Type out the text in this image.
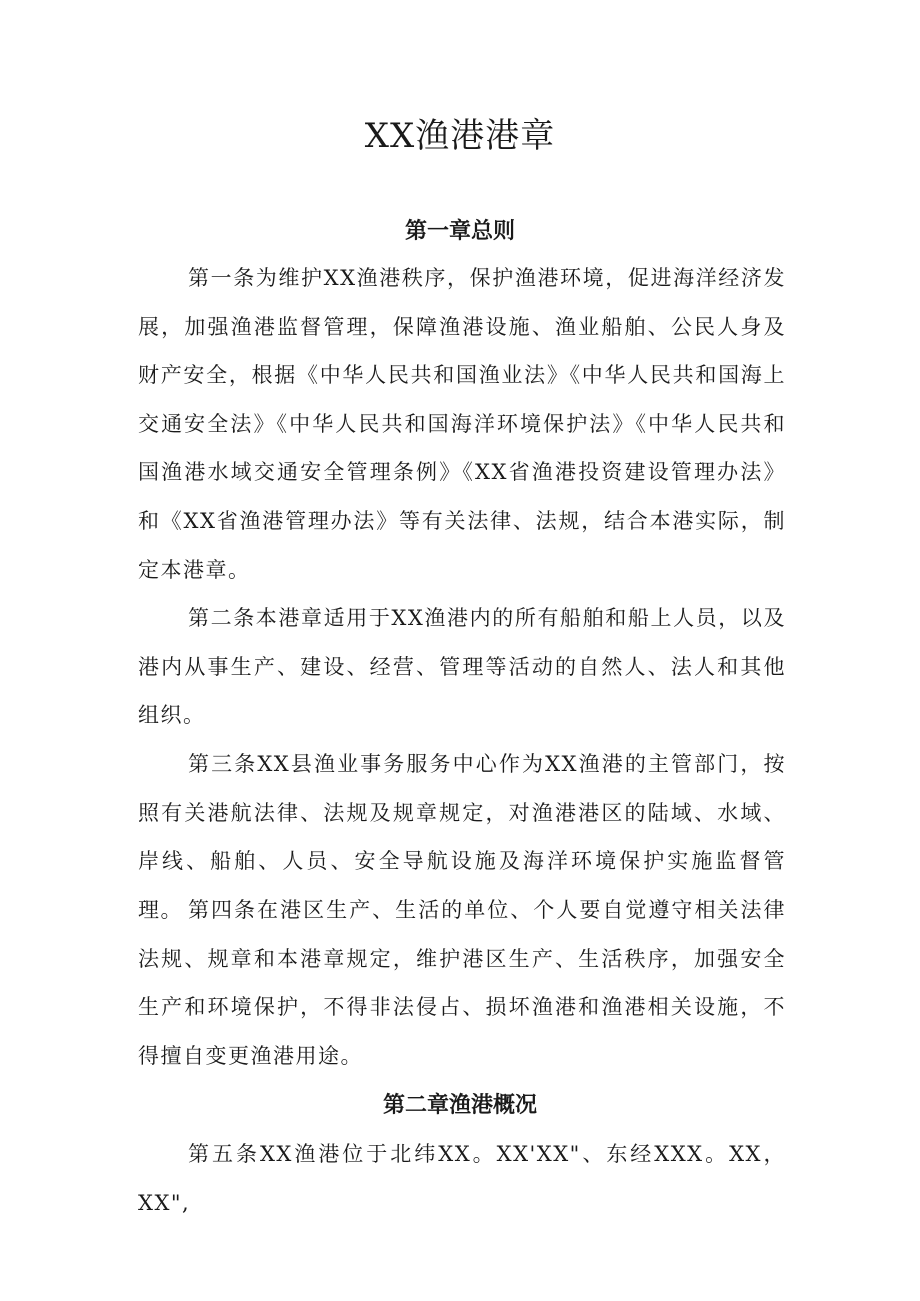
XX渔港港章
第一章总则

第一条为维护XX渔港秩序，保护渔港环境，促进海洋经济发展，加强渔港监督管理，保障渔港设施、渔业船舶、公民人身及财产安全，根据《中华人民共和国渔业法》《中华人民共和国海上交通安全法》《中华人民共和国海洋环境保护法》《中华人民共和国渔港水域交通安全管理条例》《XX省渔港投资建设管理办法》和《XX省渔港管理办法》等有关法律、法规，结合本港实际，制定本港章。

第二条本港章适用于XX渔港内的所有船舶和船上人员，以及港内从事生产、建设、经营、管理等活动的自然人、法人和其他组织。

第三条XX县渔业事务服务中心作为XX渔港的主管部门，按照有关港航法律、法规及规章规定，对渔港港区的陆域、水域、岸线、船舶、人员、安全导航设施及海洋环境保护实施监督管理。 第四条在港区生产、生活的单位、个人要自觉遵守相关法律法规、规章和本港章规定，维护港区生产、生活秩序，加强安全生产和环境保护，不得非法侵占、损坏渔港和渔港相关设施，不得擅自变更渔港用途。

第二章渔港概况

第五条XX渔港位于北纬XX。XX'XX"、东经XXX。XX，XX",
